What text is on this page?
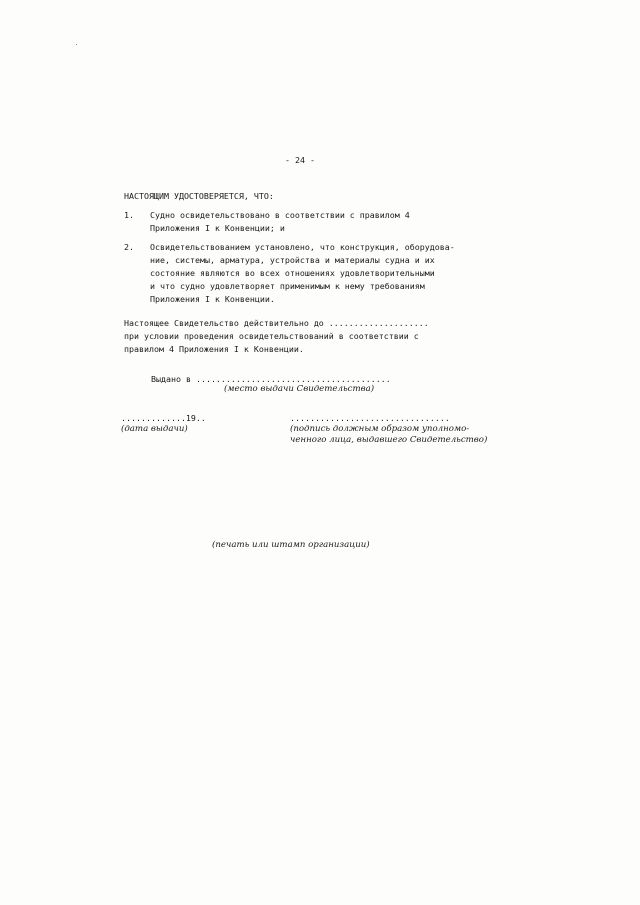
- 24 -
НАСТОЯЩИМ УДОСТОВЕРЯЕТСЯ, ЧТО:
1. Судно освидетельствовано в соответствии с правилом 4
Приложения I к Конвенции; и
2. Освидетельствованием установлено, что конструкция, оборудова-
ние, системы, арматура, устройства и материалы судна и их
состояние являются во всех отношениях удовлетворительными
и что судно удовлетворяет применимым к нему требованиям
Приложения I к Конвенции.
Настоящее Свидетельство действительно до ....................
при условии проведения освидетельствований в соответствии с
правилом 4 Приложения I к Конвенции.
Выдано в .......................................
(место выдачи Свидетельства)
.............19..
(дата выдачи)
................................
(подпись должным образом уполномо-
ченного лица, выдавшего Свидетельство)
(печать или штамп организации)
